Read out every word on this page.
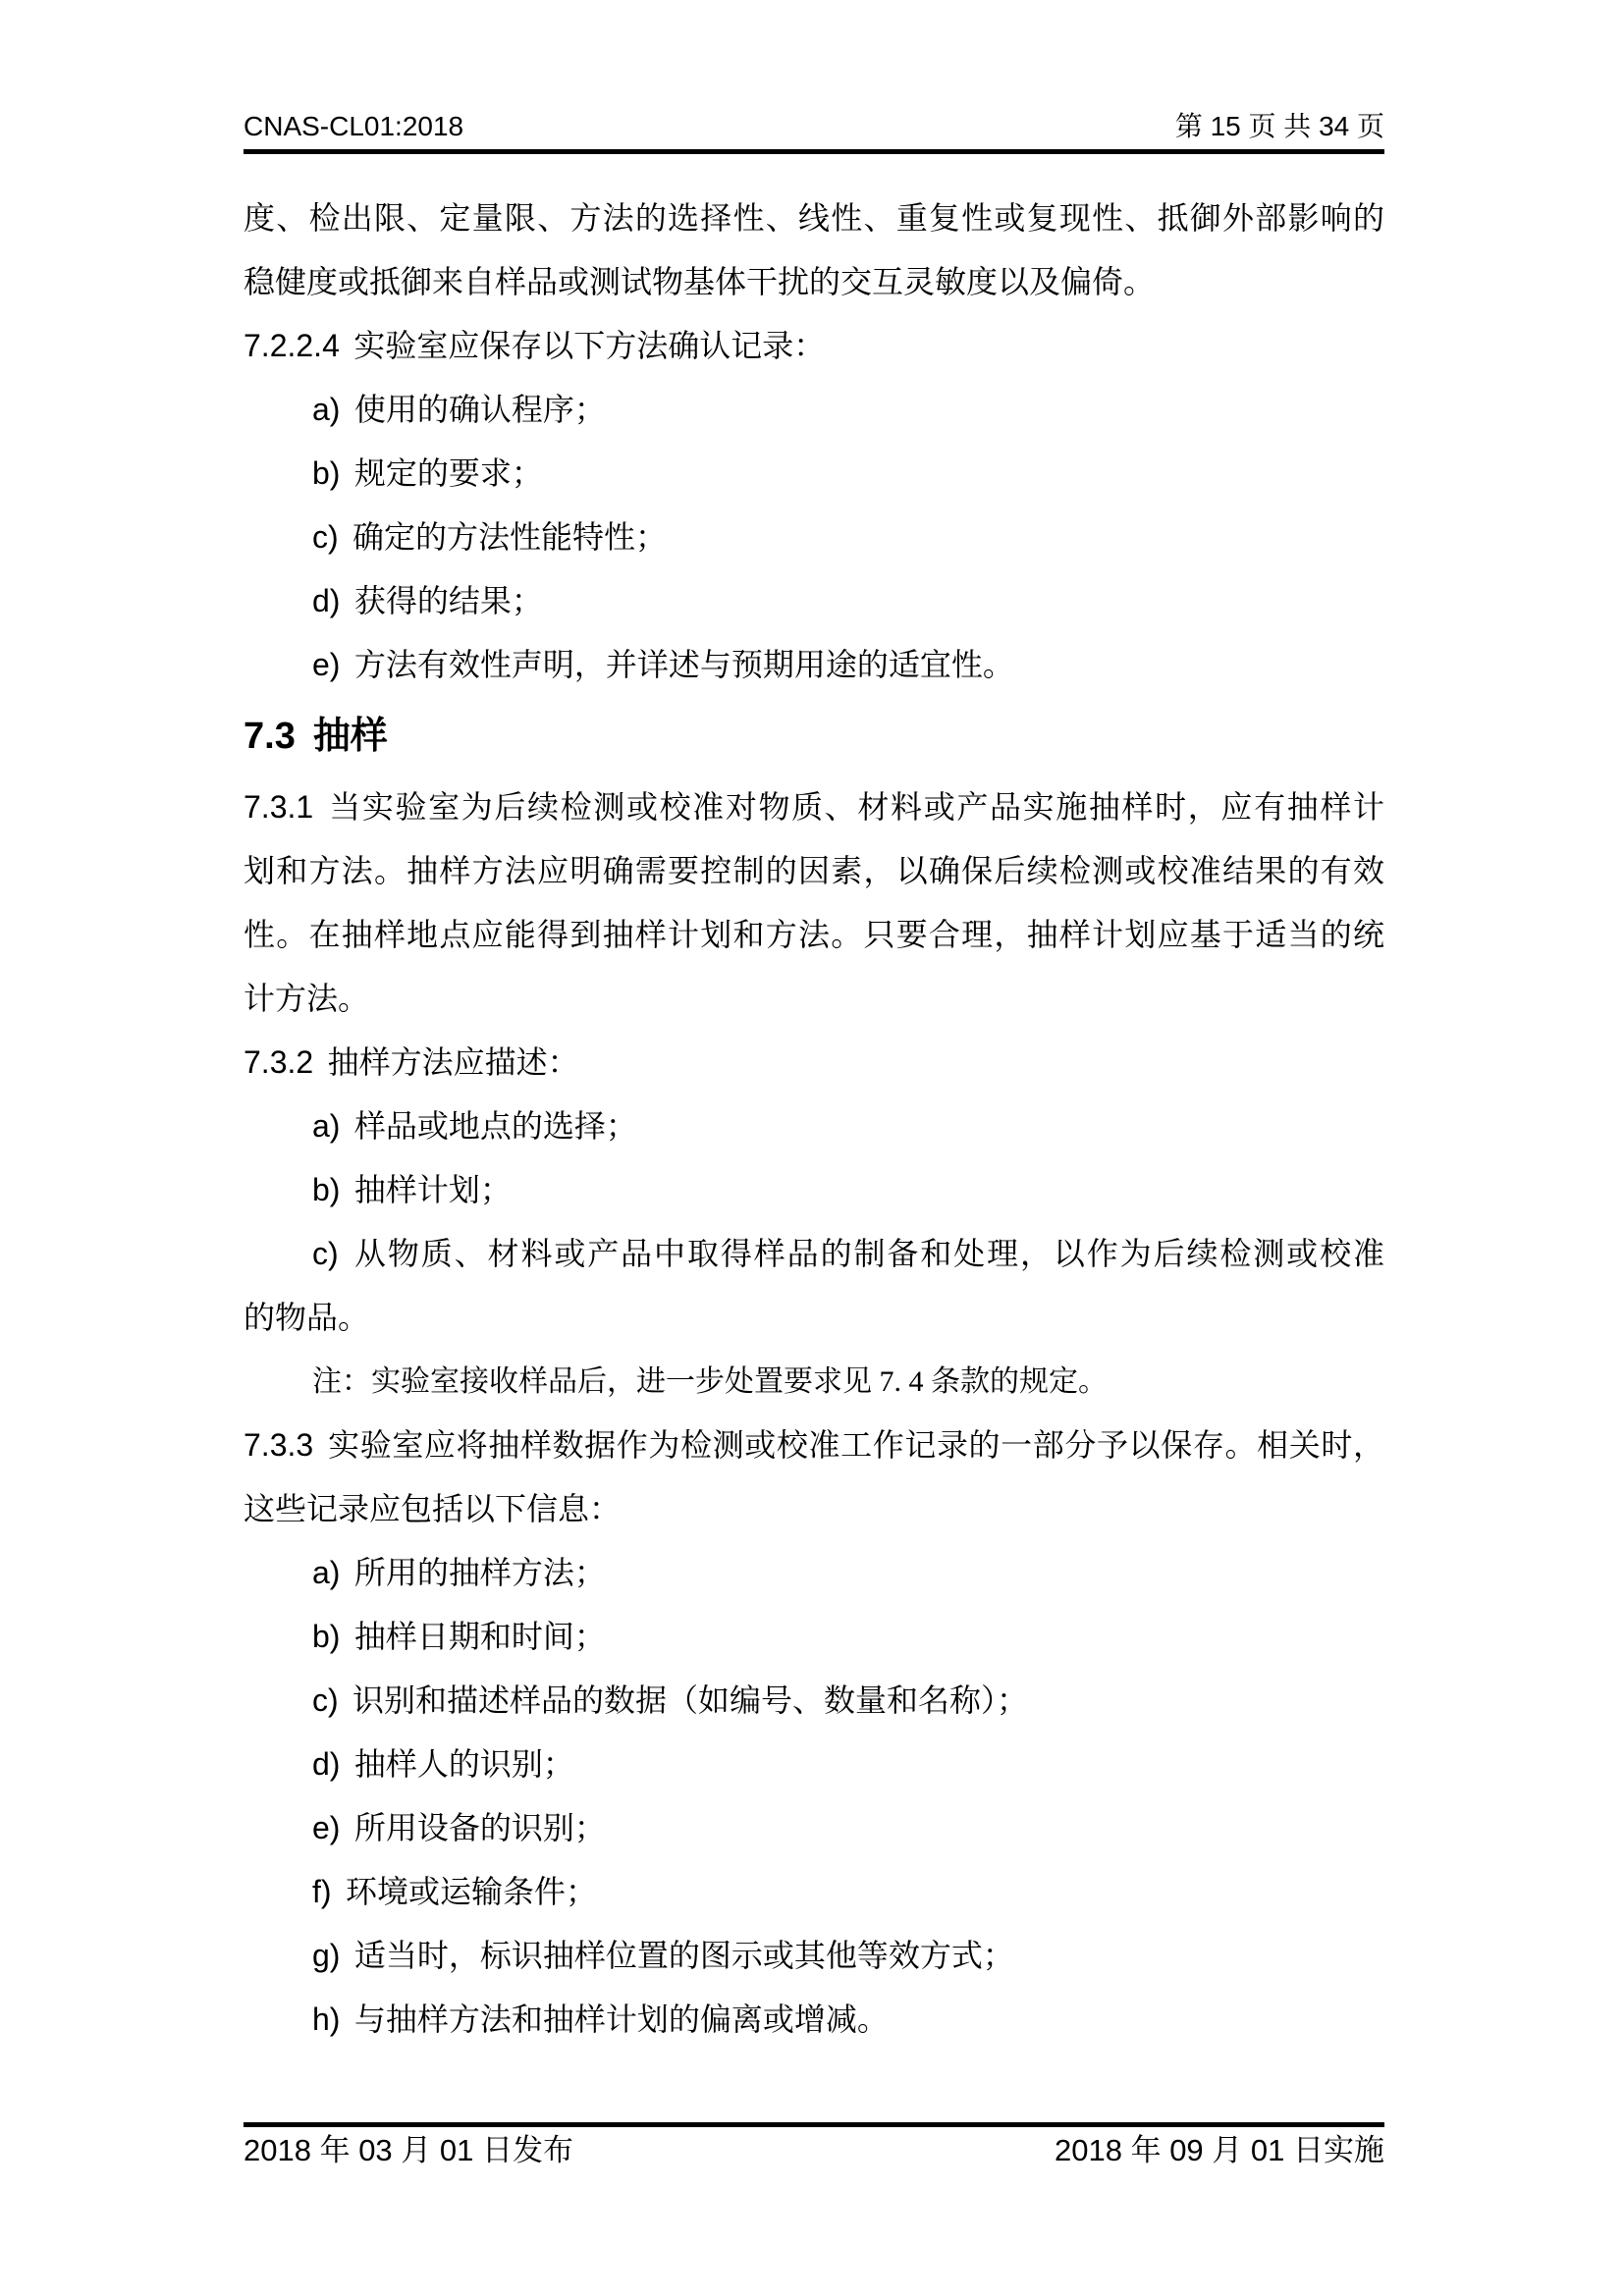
CNAS-CL01:2018	第 15 页 共 34 页

度、检出限、定量限、方法的选择性、线性、重复性或复现性、抵御外部影响的

稳健度或抵御来自样品或测试物基体干扰的交互灵敏度以及偏倚。

7.2.2.4 实验室应保存以下方法确认记录：

a) 使用的确认程序；

b) 规定的要求；

c) 确定的方法性能特性；

d) 获得的结果；

e) 方法有效性声明，并详述与预期用途的适宜性。

7.3 抽样

7.3.1 当实验室为后续检测或校准对物质、材料或产品实施抽样时，应有抽样计

划和方法。抽样方法应明确需要控制的因素，以确保后续检测或校准结果的有效

性。在抽样地点应能得到抽样计划和方法。只要合理，抽样计划应基于适当的统

计方法。

7.3.2 抽样方法应描述：

a) 样品或地点的选择；

b) 抽样计划；

c) 从物质、材料或产品中取得样品的制备和处理，以作为后续检测或校准

的物品。

注：实验室接收样品后，进一步处置要求见 7. 4 条款的规定。

7.3.3 实验室应将抽样数据作为检测或校准工作记录的一部分予以保存。相关时，

这些记录应包括以下信息：

a) 所用的抽样方法；

b) 抽样日期和时间；

c) 识别和描述样品的数据（如编号、数量和名称）；

d) 抽样人的识别；

e) 所用设备的识别；

f) 环境或运输条件；

g) 适当时，标识抽样位置的图示或其他等效方式；

h) 与抽样方法和抽样计划的偏离或增减。

2018 年 03 月 01 日发布	2018 年 09 月 01 日实施
